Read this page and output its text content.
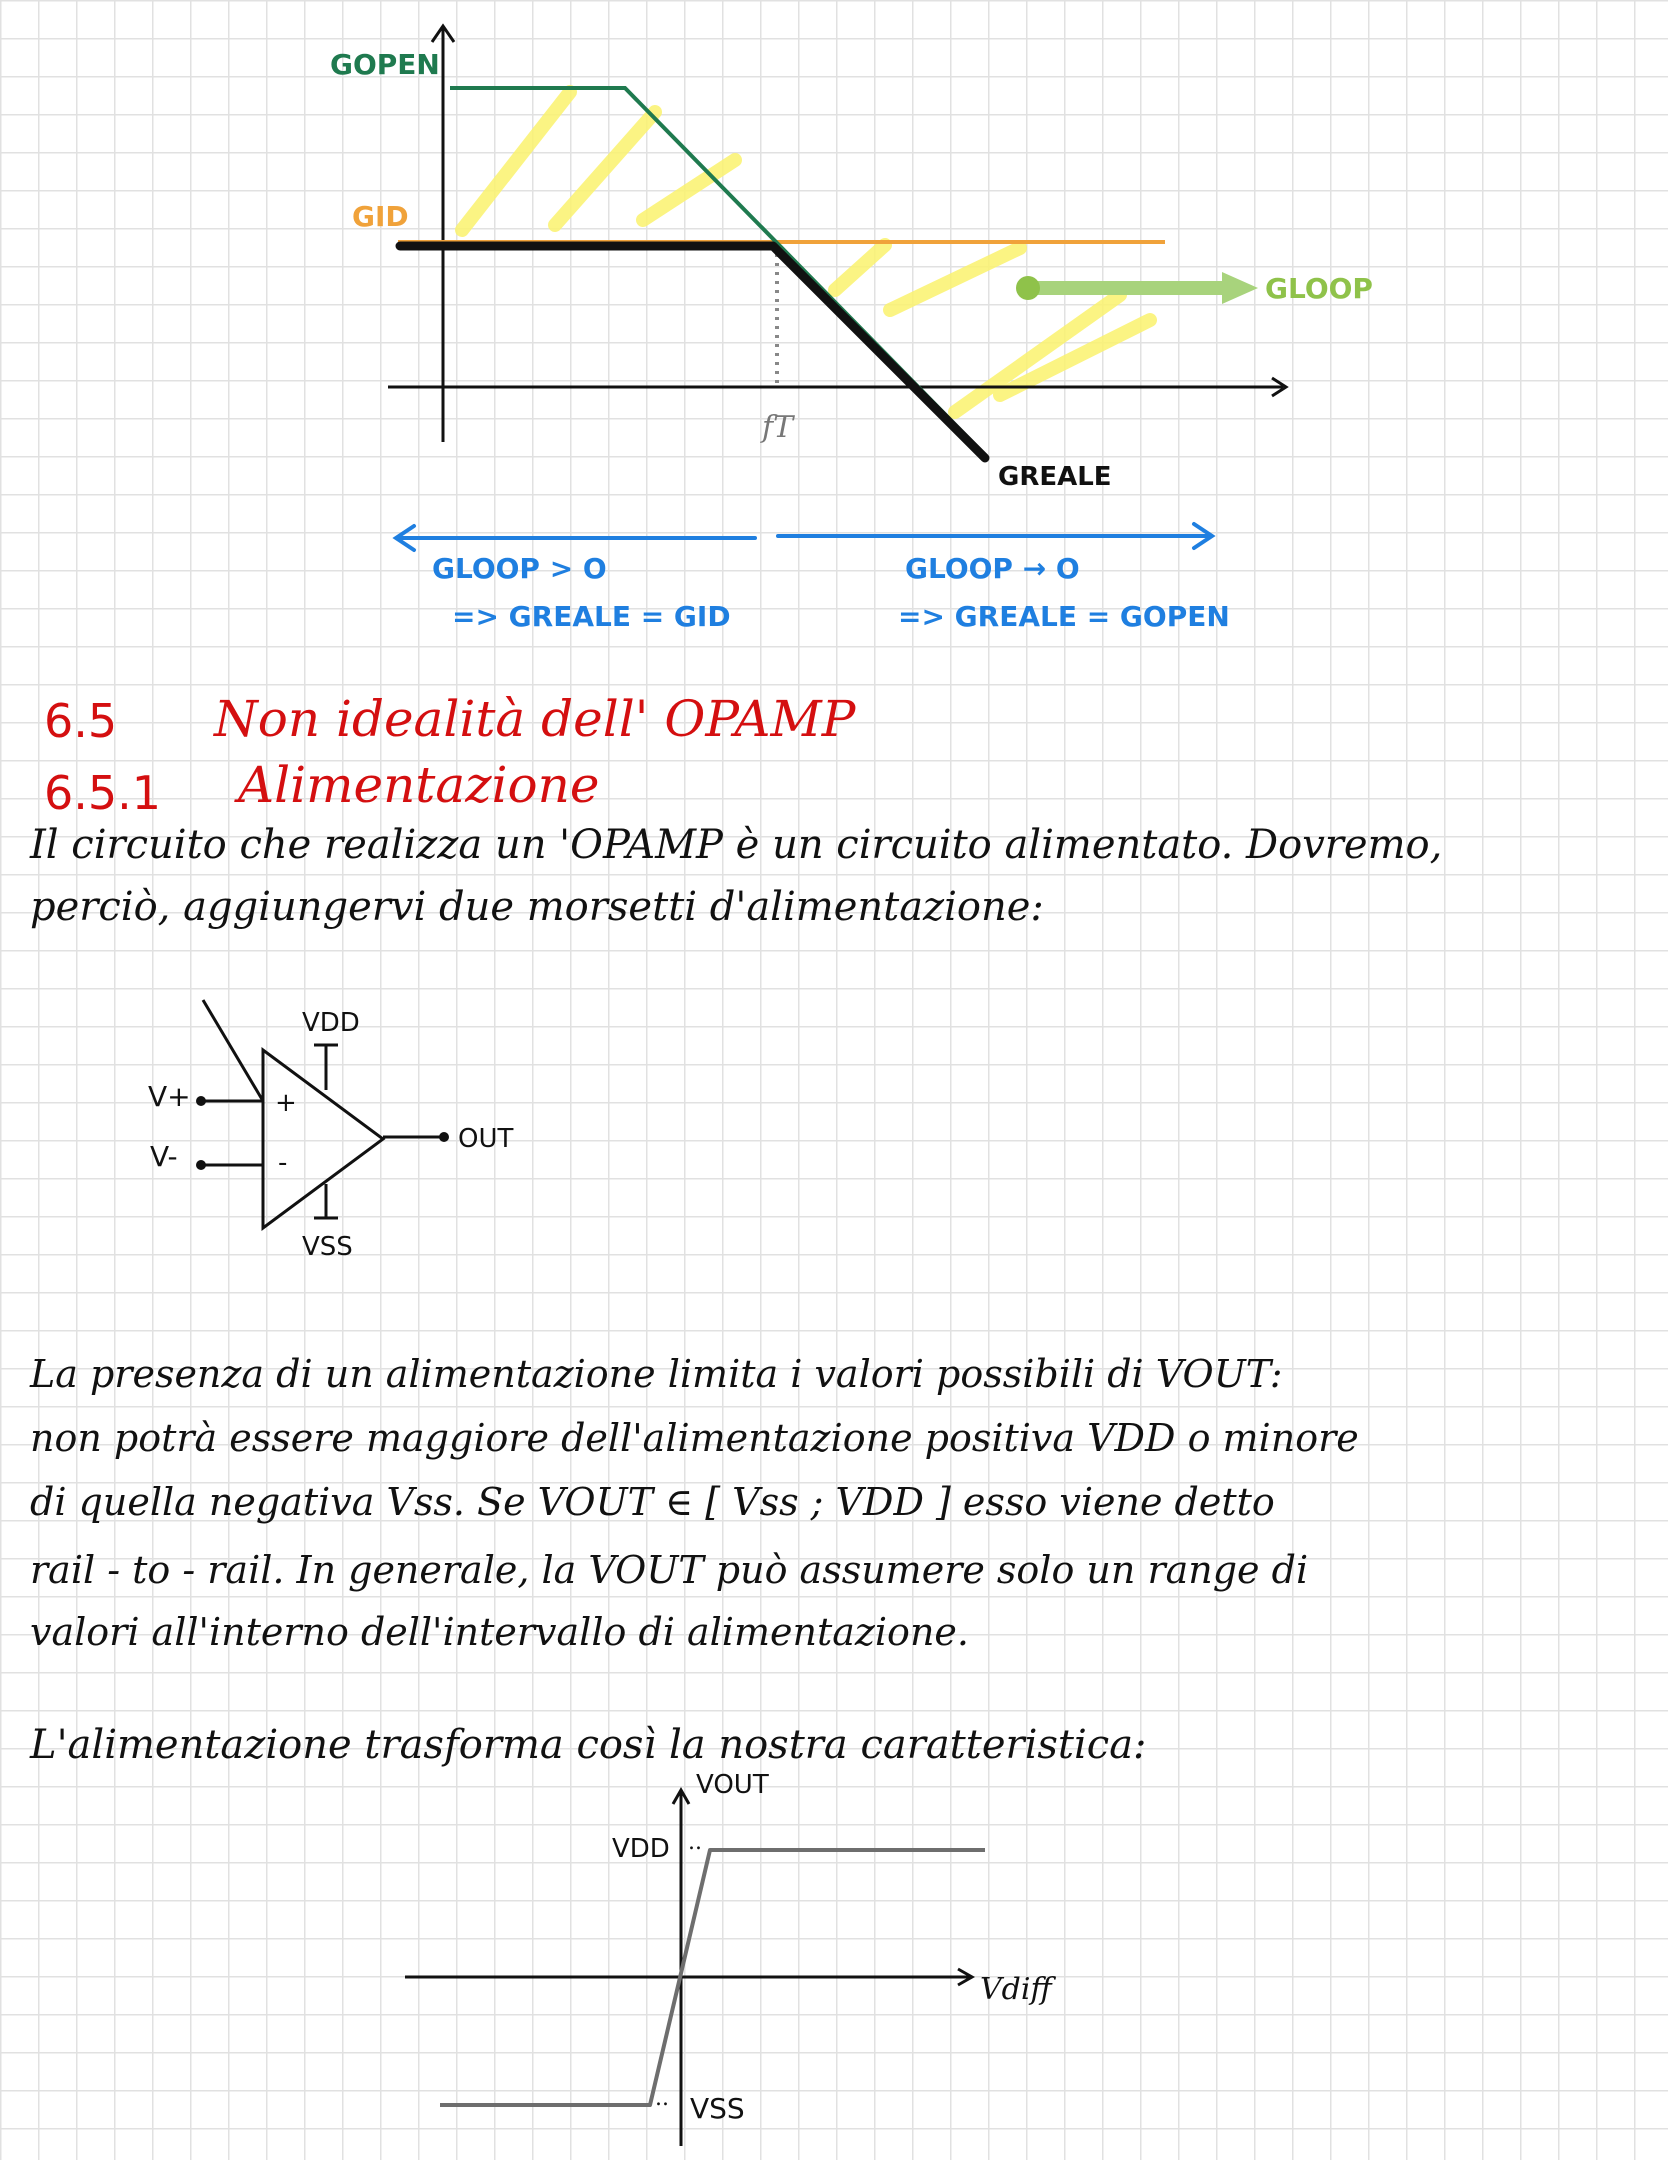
GOPEN
GID
GLOOP
fT
GREALE
GLOOP > O
=> GREALE = GID
GLOOP → O
=> GREALE = GOPEN
6.5 Non idealità dell' OPAMP
6.5.1 Alimentazione
Il circuito che realizza un 'OPAMP è un circuito alimentato. Dovremo,
perciò, aggiungervi due morsetti d'alimentazione:
V+
V-
+
-
VDD
VSS
OUT
La presenza di un alimentazione limita i valori possibili di VOUT:
non potrà essere maggiore dell'alimentazione positiva VDD o minore
di quella negativa Vss. Se VOUT ∈ [ Vss ; VDD ] esso viene detto
rail - to - rail. In generale, la VOUT può assumere solo un range di
valori all'interno dell'intervallo di alimentazione.
L'alimentazione trasforma così la nostra caratteristica:
VOUT
VDD ..
Vdiff
.. VSS
